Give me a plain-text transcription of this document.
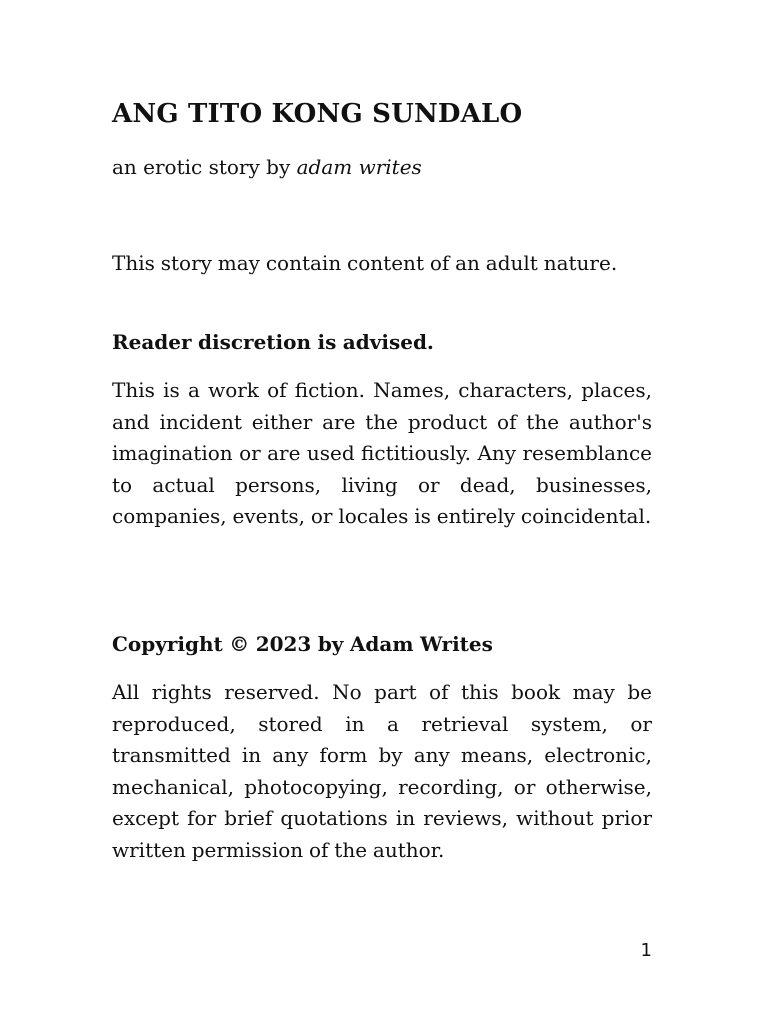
ANG TITO KONG SUNDALO

an erotic story by adam writes

This story may contain content of an adult nature.

Reader discretion is advised.

This is a work of fiction. Names, characters, places, and incident either are the product of the author's imagination or are used fictitiously. Any resemblance to actual persons, living or dead, businesses, companies, events, or locales is entirely coincidental.

Copyright © 2023 by Adam Writes

All rights reserved. No part of this book may be reproduced, stored in a retrieval system, or transmitted in any form by any means, electronic, mechanical, photocopying, recording, or otherwise, except for brief quotations in reviews, without prior written permission of the author.

1
